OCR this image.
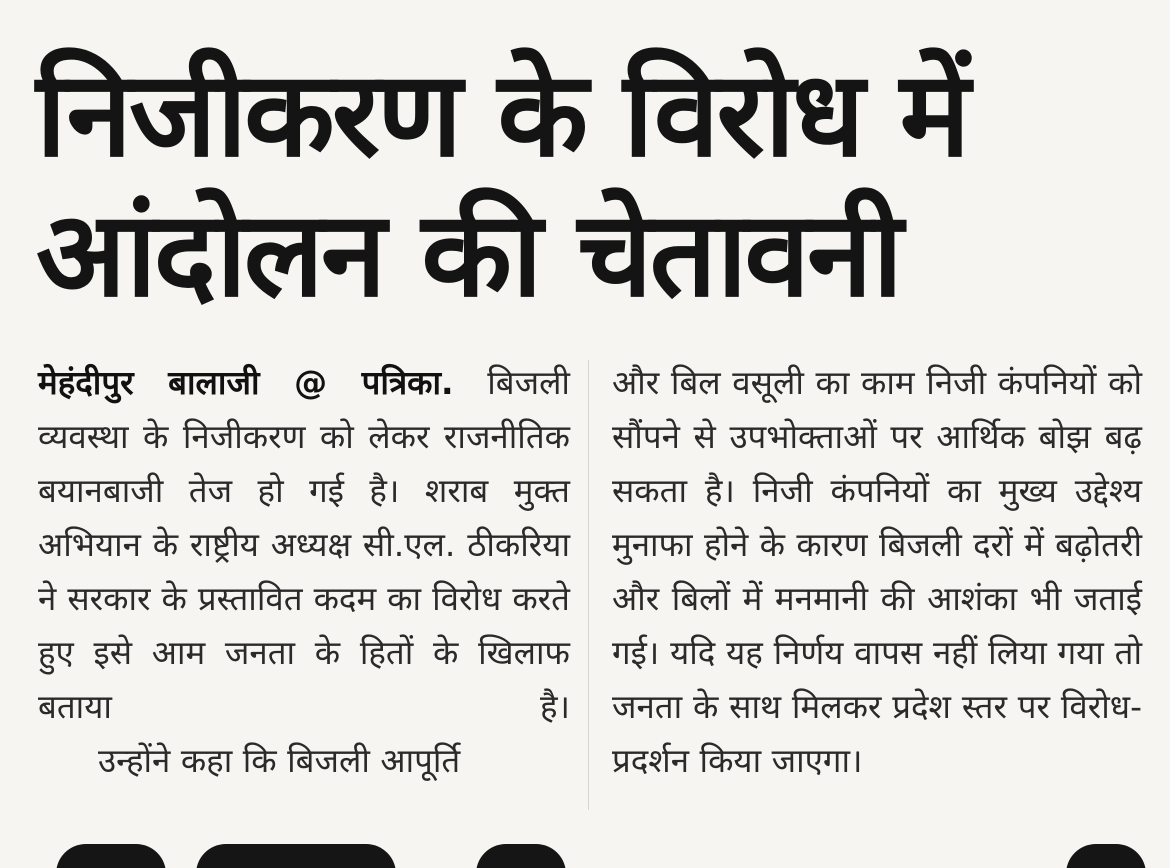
निजीकरण के विरोध में
आंदोलन की चेतावनी

मेहंदीपुर बालाजी @ पत्रिका. बिजली व्यवस्था के निजीकरण को लेकर राजनीतिक बयानबाजी तेज हो गई है। शराब मुक्त अभियान के राष्ट्रीय अध्यक्ष सी.एल. ठीकरिया ने सरकार के प्रस्तावित कदम का विरोध करते हुए इसे आम जनता के हितों के खिलाफ बताया है।

उन्होंने कहा कि बिजली आपूर्ति

और बिल वसूली का काम निजी कंपनियों को सौंपने से उपभोक्ताओं पर आर्थिक बोझ बढ़ सकता है। निजी कंपनियों का मुख्य उद्देश्य मुनाफा होने के कारण बिजली दरों में बढ़ोतरी और बिलों में मनमानी की आशंका भी जताई गई। यदि यह निर्णय वापस नहीं लिया गया तो जनता के साथ मिलकर प्रदेश स्तर पर विरोध-प्रदर्शन किया जाएगा।
